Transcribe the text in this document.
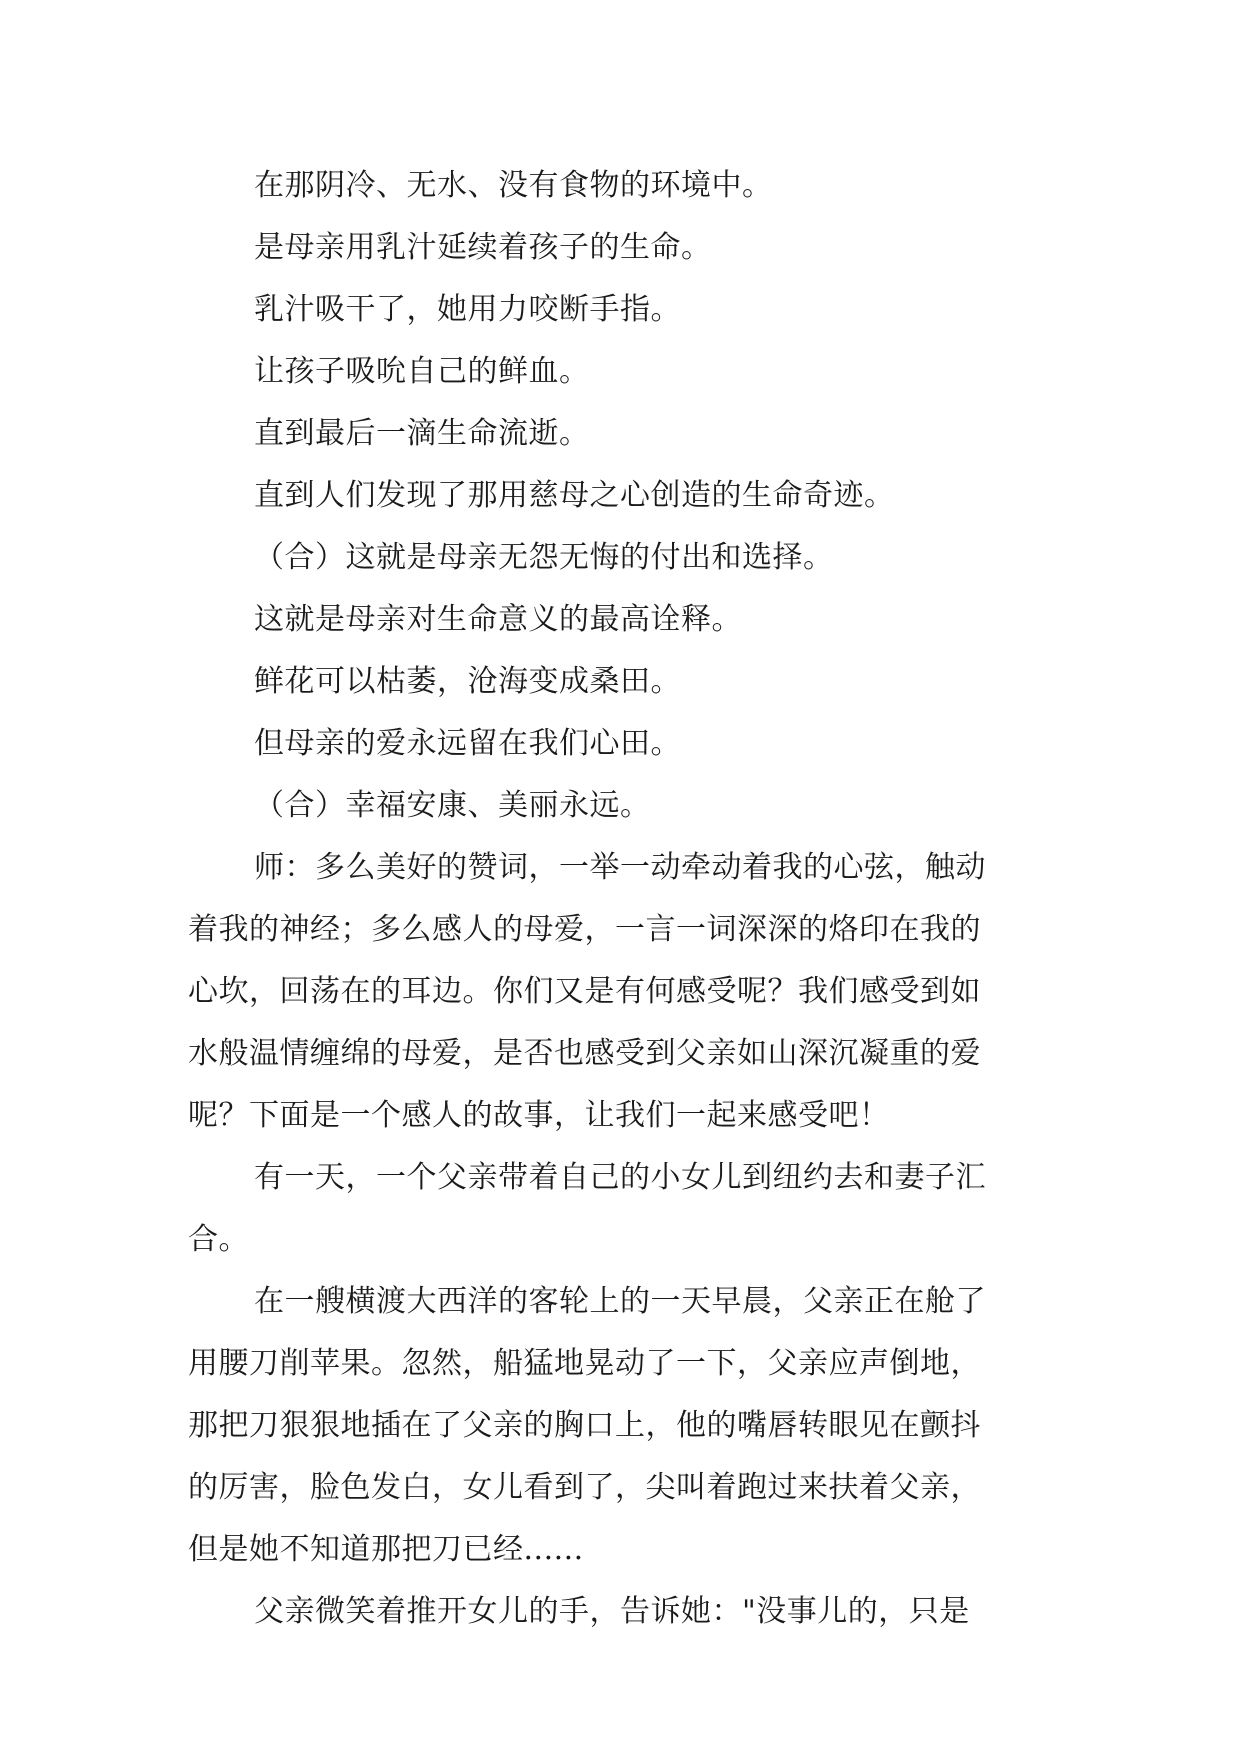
在那阴冷、无水、没有食物的环境中。
是母亲用乳汁延续着孩子的生命。
乳汁吸干了，她用力咬断手指。
让孩子吸吮自己的鲜血。
直到最后一滴生命流逝。
直到人们发现了那用慈母之心创造的生命奇迹。
（合）这就是母亲无怨无悔的付出和选择。
这就是母亲对生命意义的最高诠释。
鲜花可以枯萎，沧海变成桑田。
但母亲的爱永远留在我们心田。
（合）幸福安康、美丽永远。
师：多么美好的赞词，一举一动牵动着我的心弦，触动
着我的神经；多么感人的母爱，一言一词深深的烙印在我的
心坎，回荡在的耳边。你们又是有何感受呢？我们感受到如
水般温情缠绵的母爱，是否也感受到父亲如山深沉凝重的爱
呢？下面是一个感人的故事，让我们一起来感受吧！
有一天，一个父亲带着自己的小女儿到纽约去和妻子汇
合。
在一艘横渡大西洋的客轮上的一天早晨，父亲正在舱了
用腰刀削苹果。忽然，船猛地晃动了一下，父亲应声倒地，
那把刀狠狠地插在了父亲的胸口上，他的嘴唇转眼见在颤抖
的厉害，脸色发白，女儿看到了，尖叫着跑过来扶着父亲，
但是她不知道那把刀已经......
父亲微笑着推开女儿的手，告诉她："没事儿的，只是
